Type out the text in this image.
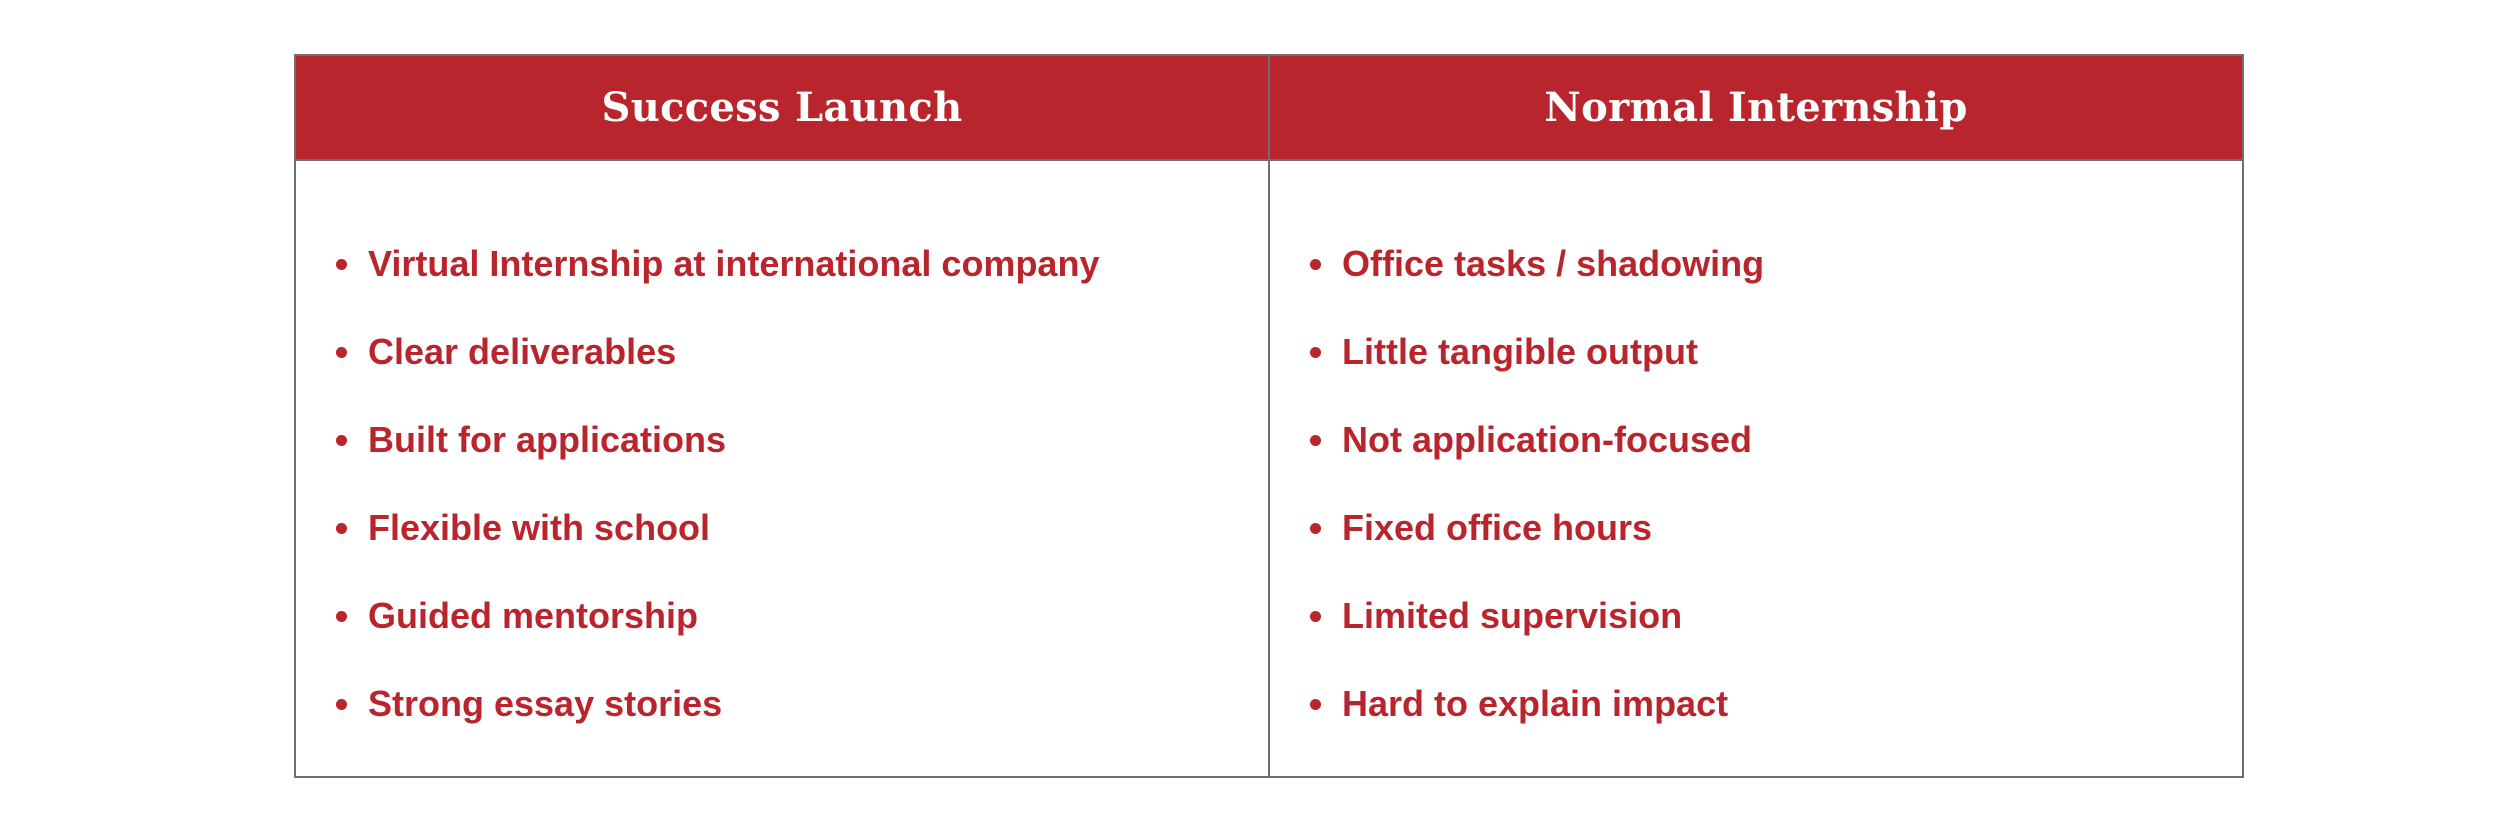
Success Launch
Virtual Internship at international company
Clear deliverables
Built for applications
Flexible with school
Guided mentorship
Strong essay stories
Normal Internship
Office tasks / shadowing
Little tangible output
Not application-focused
Fixed office hours
Limited supervision
Hard to explain impact
